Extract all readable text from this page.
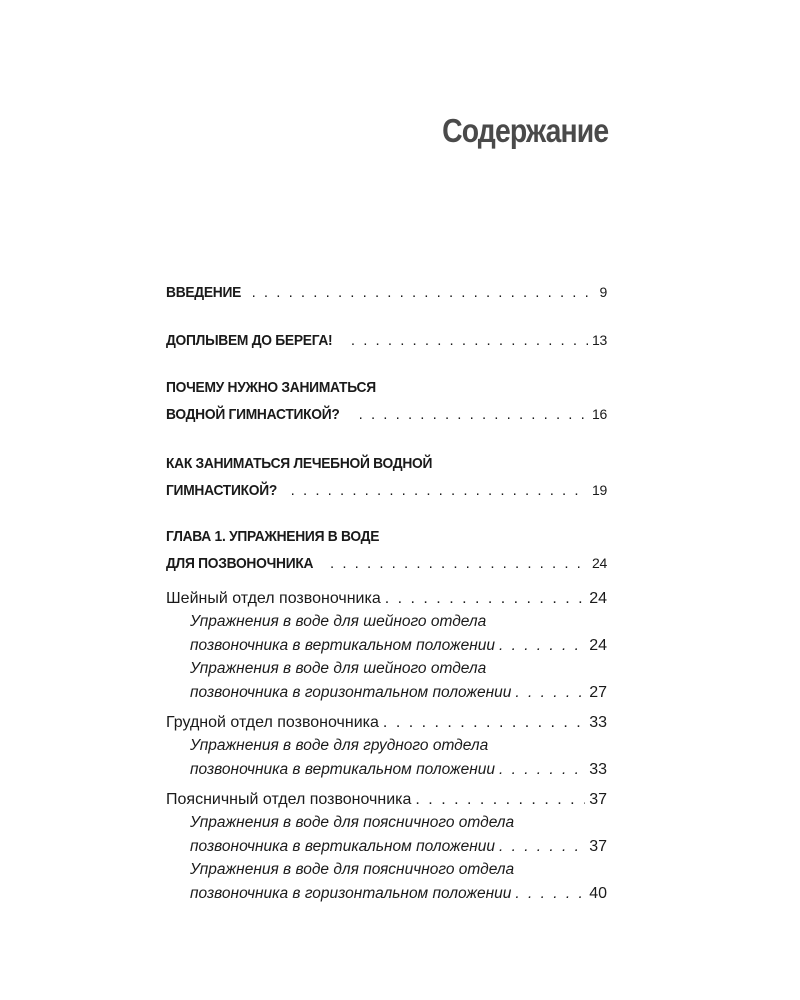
Содержание
ВВЕДЕНИЕ . . .	9
ДОПЛЫВЕМ ДО БЕРЕГА! . . .	13
ПОЧЕМУ НУЖНО ЗАНИМАТЬСЯ
ВОДНОЙ ГИМНАСТИКОЙ? . . .	16
КАК ЗАНИМАТЬСЯ ЛЕЧЕБНОЙ ВОДНОЙ
ГИМНАСТИКОЙ? . . .	19
ГЛАВА 1. УПРАЖНЕНИЯ В ВОДЕ
ДЛЯ ПОЗВОНОЧНИКА . . .	24
Шейный отдел позвоночника . . .	24
Упражнения в воде для шейного отдела
позвоночника в вертикальном положении . . .	24
Упражнения в воде для шейного отдела
позвоночника в горизонтальном положении . . .	27
Грудной отдел позвоночника . . .	33
Упражнения в воде для грудного отдела
позвоночника в вертикальном положении . . .	33
Поясничный отдел позвоночника . . .	37
Упражнения в воде для поясничного отдела
позвоночника в вертикальном положении . . .	37
Упражнения в воде для поясничного отдела
позвоночника в горизонтальном положении . . .	40
